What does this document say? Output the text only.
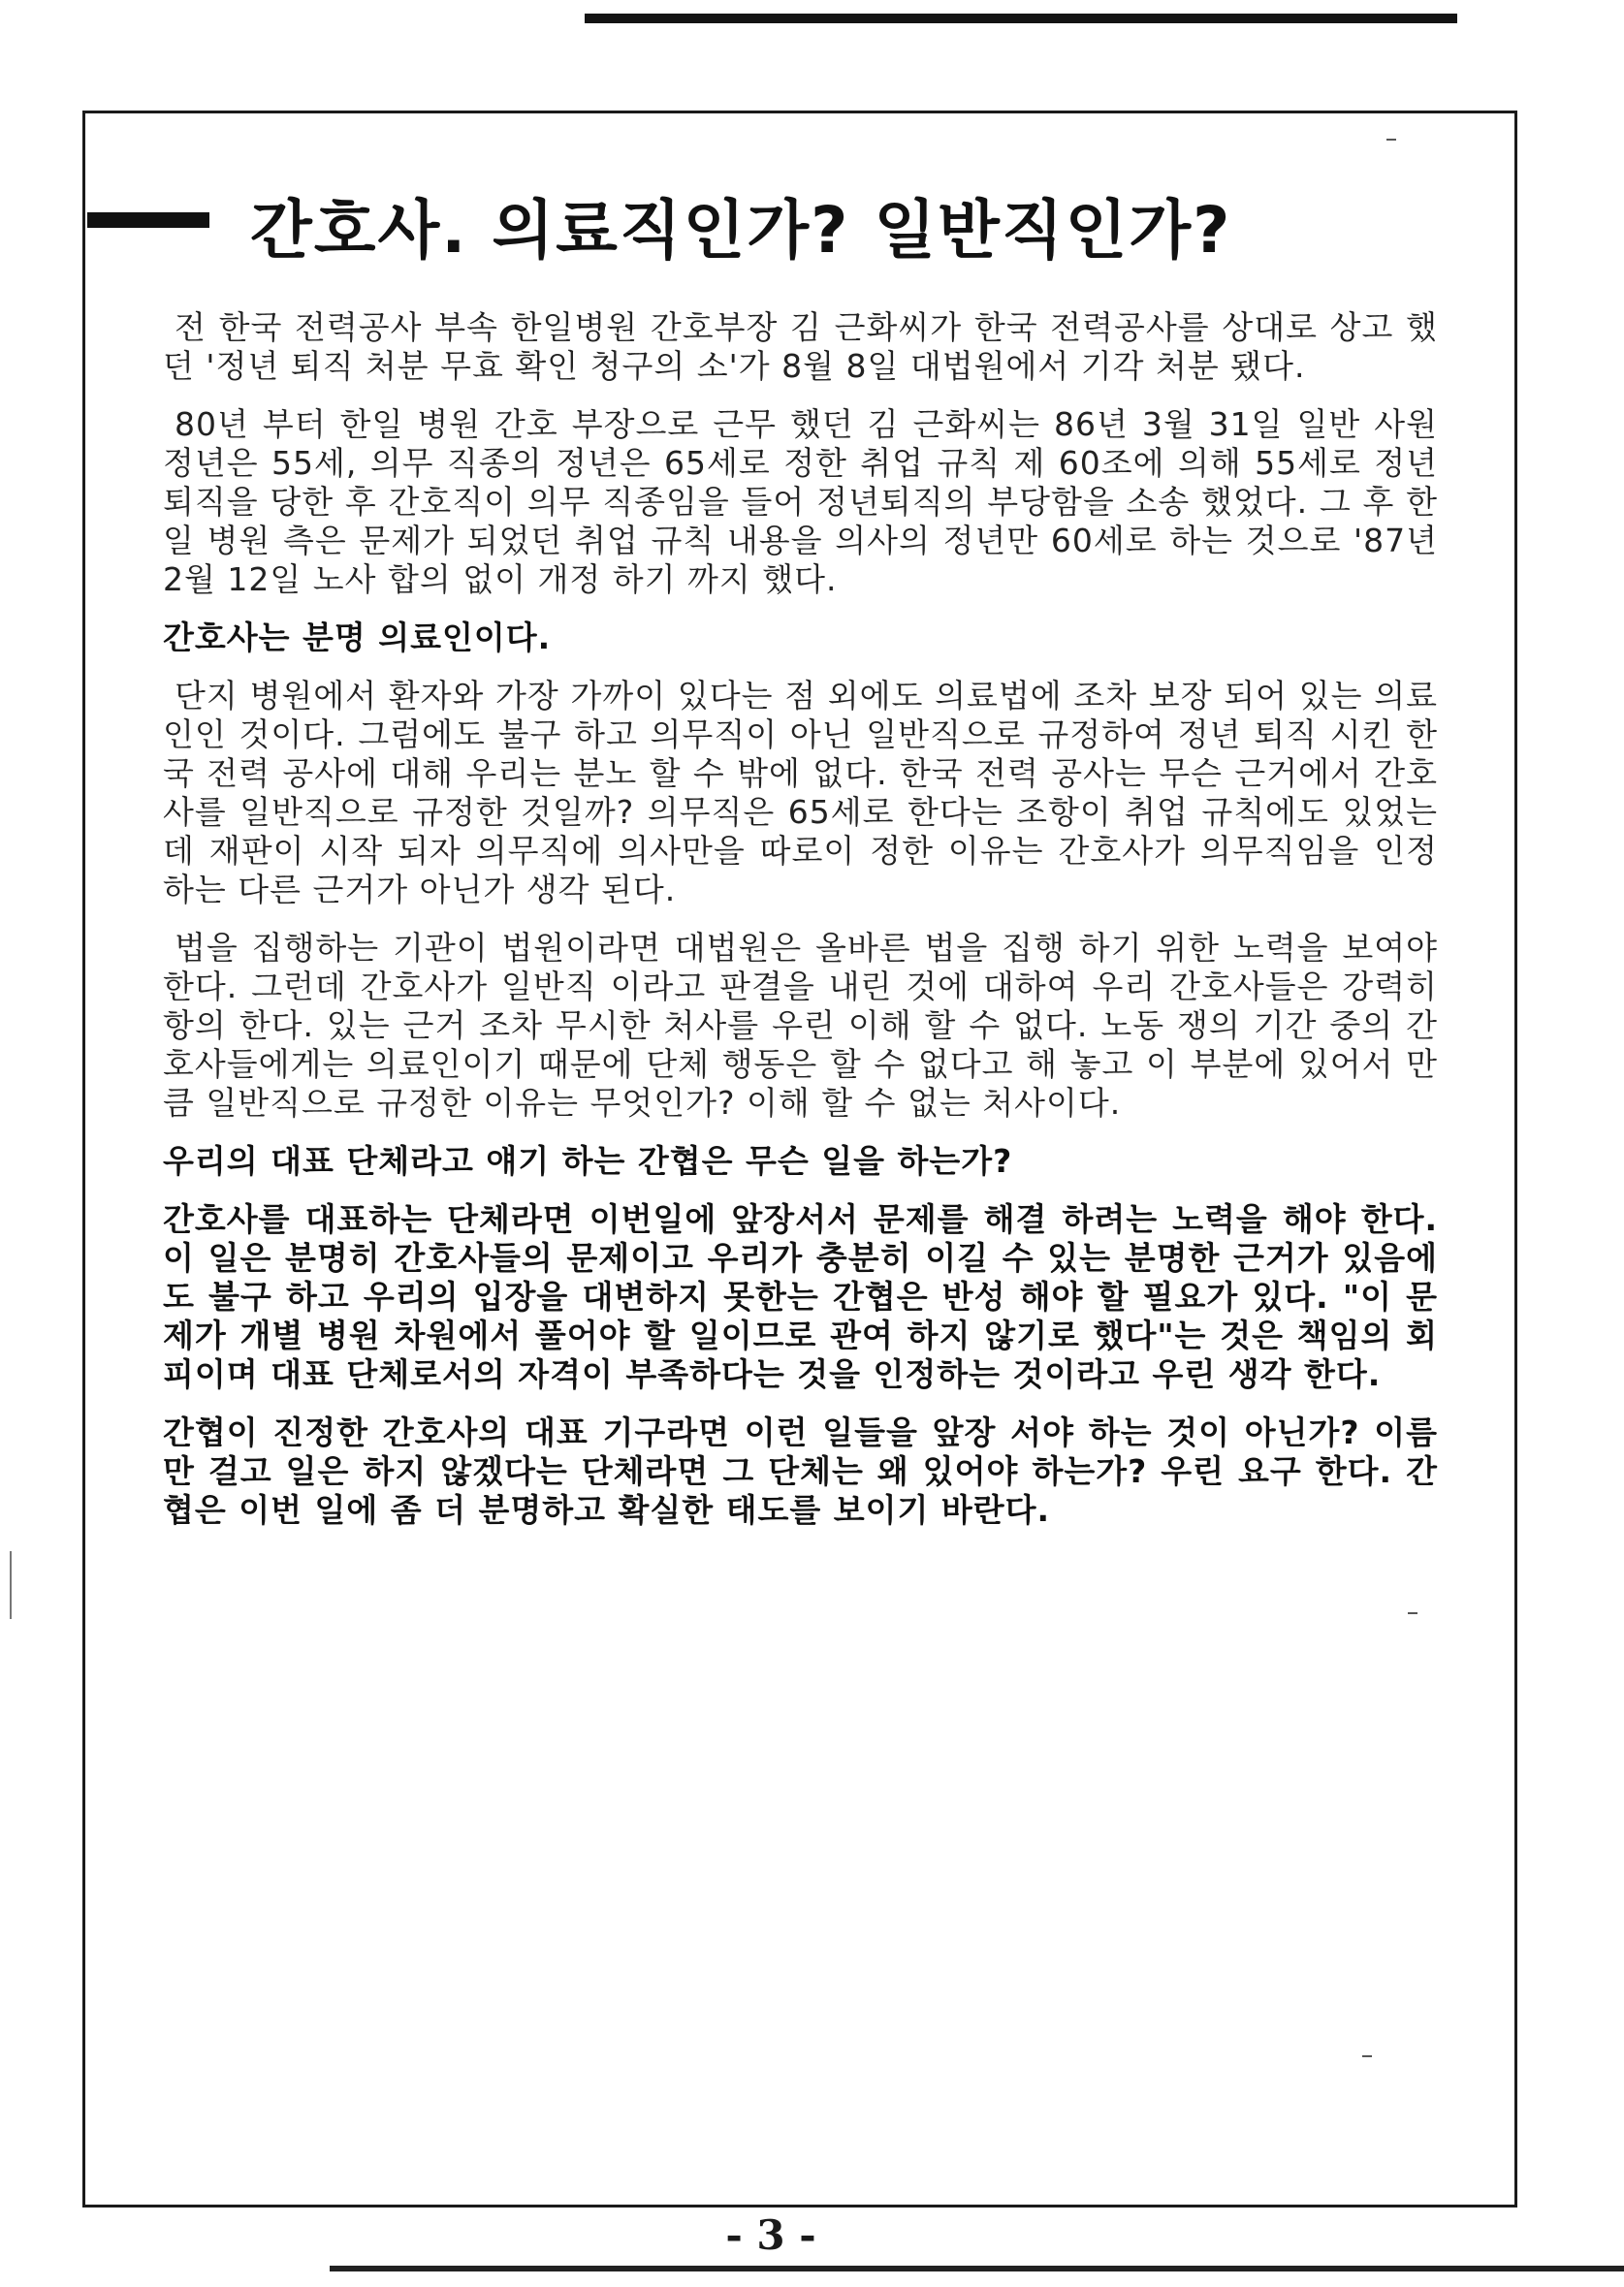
간호사. 의료직인가? 일반직인가?

전 한국 전력공사 부속 한일병원 간호부장 김 근화씨가 한국 전력공사를 상대로 상고 했던 '정년 퇴직 처분 무효 확인 청구의 소'가 8월 8일 대법원에서 기각 처분 됐다.

80년 부터 한일 병원 간호 부장으로 근무 했던 김 근화씨는 86년 3월 31일 일반 사원 정년은 55세, 의무 직종의 정년은 65세로 정한 취업 규칙 제 60조에 의해 55세로 정년 퇴직을 당한 후 간호직이 의무 직종임을 들어 정년퇴직의 부당함을 소송 했었다. 그 후 한일 병원 측은 문제가 되었던 취업 규칙 내용을 의사의 정년만 60세로 하는 것으로 '87년 2월 12일 노사 합의 없이 개정 하기 까지 했다.

간호사는 분명 의료인이다.

단지 병원에서 환자와 가장 가까이 있다는 점 외에도 의료법에 조차 보장 되어 있는 의료인인 것이다. 그럼에도 불구 하고 의무직이 아닌 일반직으로 규정하여 정년 퇴직 시킨 한국 전력 공사에 대해 우리는 분노 할 수 밖에 없다. 한국 전력 공사는 무슨 근거에서 간호사를 일반직으로 규정한 것일까? 의무직은 65세로 한다는 조항이 취업 규칙에도 있었는데 재판이 시작 되자 의무직에 의사만을 따로이 정한 이유는 간호사가 의무직임을 인정 하는 다른 근거가 아닌가 생각 된다.

법을 집행하는 기관이 법원이라면 대법원은 올바른 법을 집행 하기 위한 노력을 보여야 한다. 그런데 간호사가 일반직 이라고 판결을 내린 것에 대하여 우리 간호사들은 강력히 항의 한다. 있는 근거 조차 무시한 처사를 우린 이해 할 수 없다. 노동 쟁의 기간 중의 간호사들에게는 의료인이기 때문에 단체 행동은 할 수 없다고 해 놓고 이 부분에 있어서 만큼 일반직으로 규정한 이유는 무엇인가? 이해 할 수 없는 처사이다.

우리의 대표 단체라고 얘기 하는 간협은 무슨 일을 하는가?

간호사를 대표하는 단체라면 이번일에 앞장서서 문제를 해결 하려는 노력을 해야 한다. 이 일은 분명히 간호사들의 문제이고 우리가 충분히 이길 수 있는 분명한 근거가 있음에도 불구 하고 우리의 입장을 대변하지 못한는 간협은 반성 해야 할 필요가 있다. "이 문제가 개별 병원 차원에서 풀어야 할 일이므로 관여 하지 않기로 했다"는 것은 책임의 회피이며 대표 단체로서의 자격이 부족하다는 것을 인정하는 것이라고 우린 생각 한다.

간협이 진정한 간호사의 대표 기구라면 이런 일들을 앞장 서야 하는 것이 아닌가? 이름만 걸고 일은 하지 않겠다는 단체라면 그 단체는 왜 있어야 하는가? 우린 요구 한다. 간협은 이번 일에 좀 더 분명하고 확실한 태도를 보이기 바란다.

- 3 -
